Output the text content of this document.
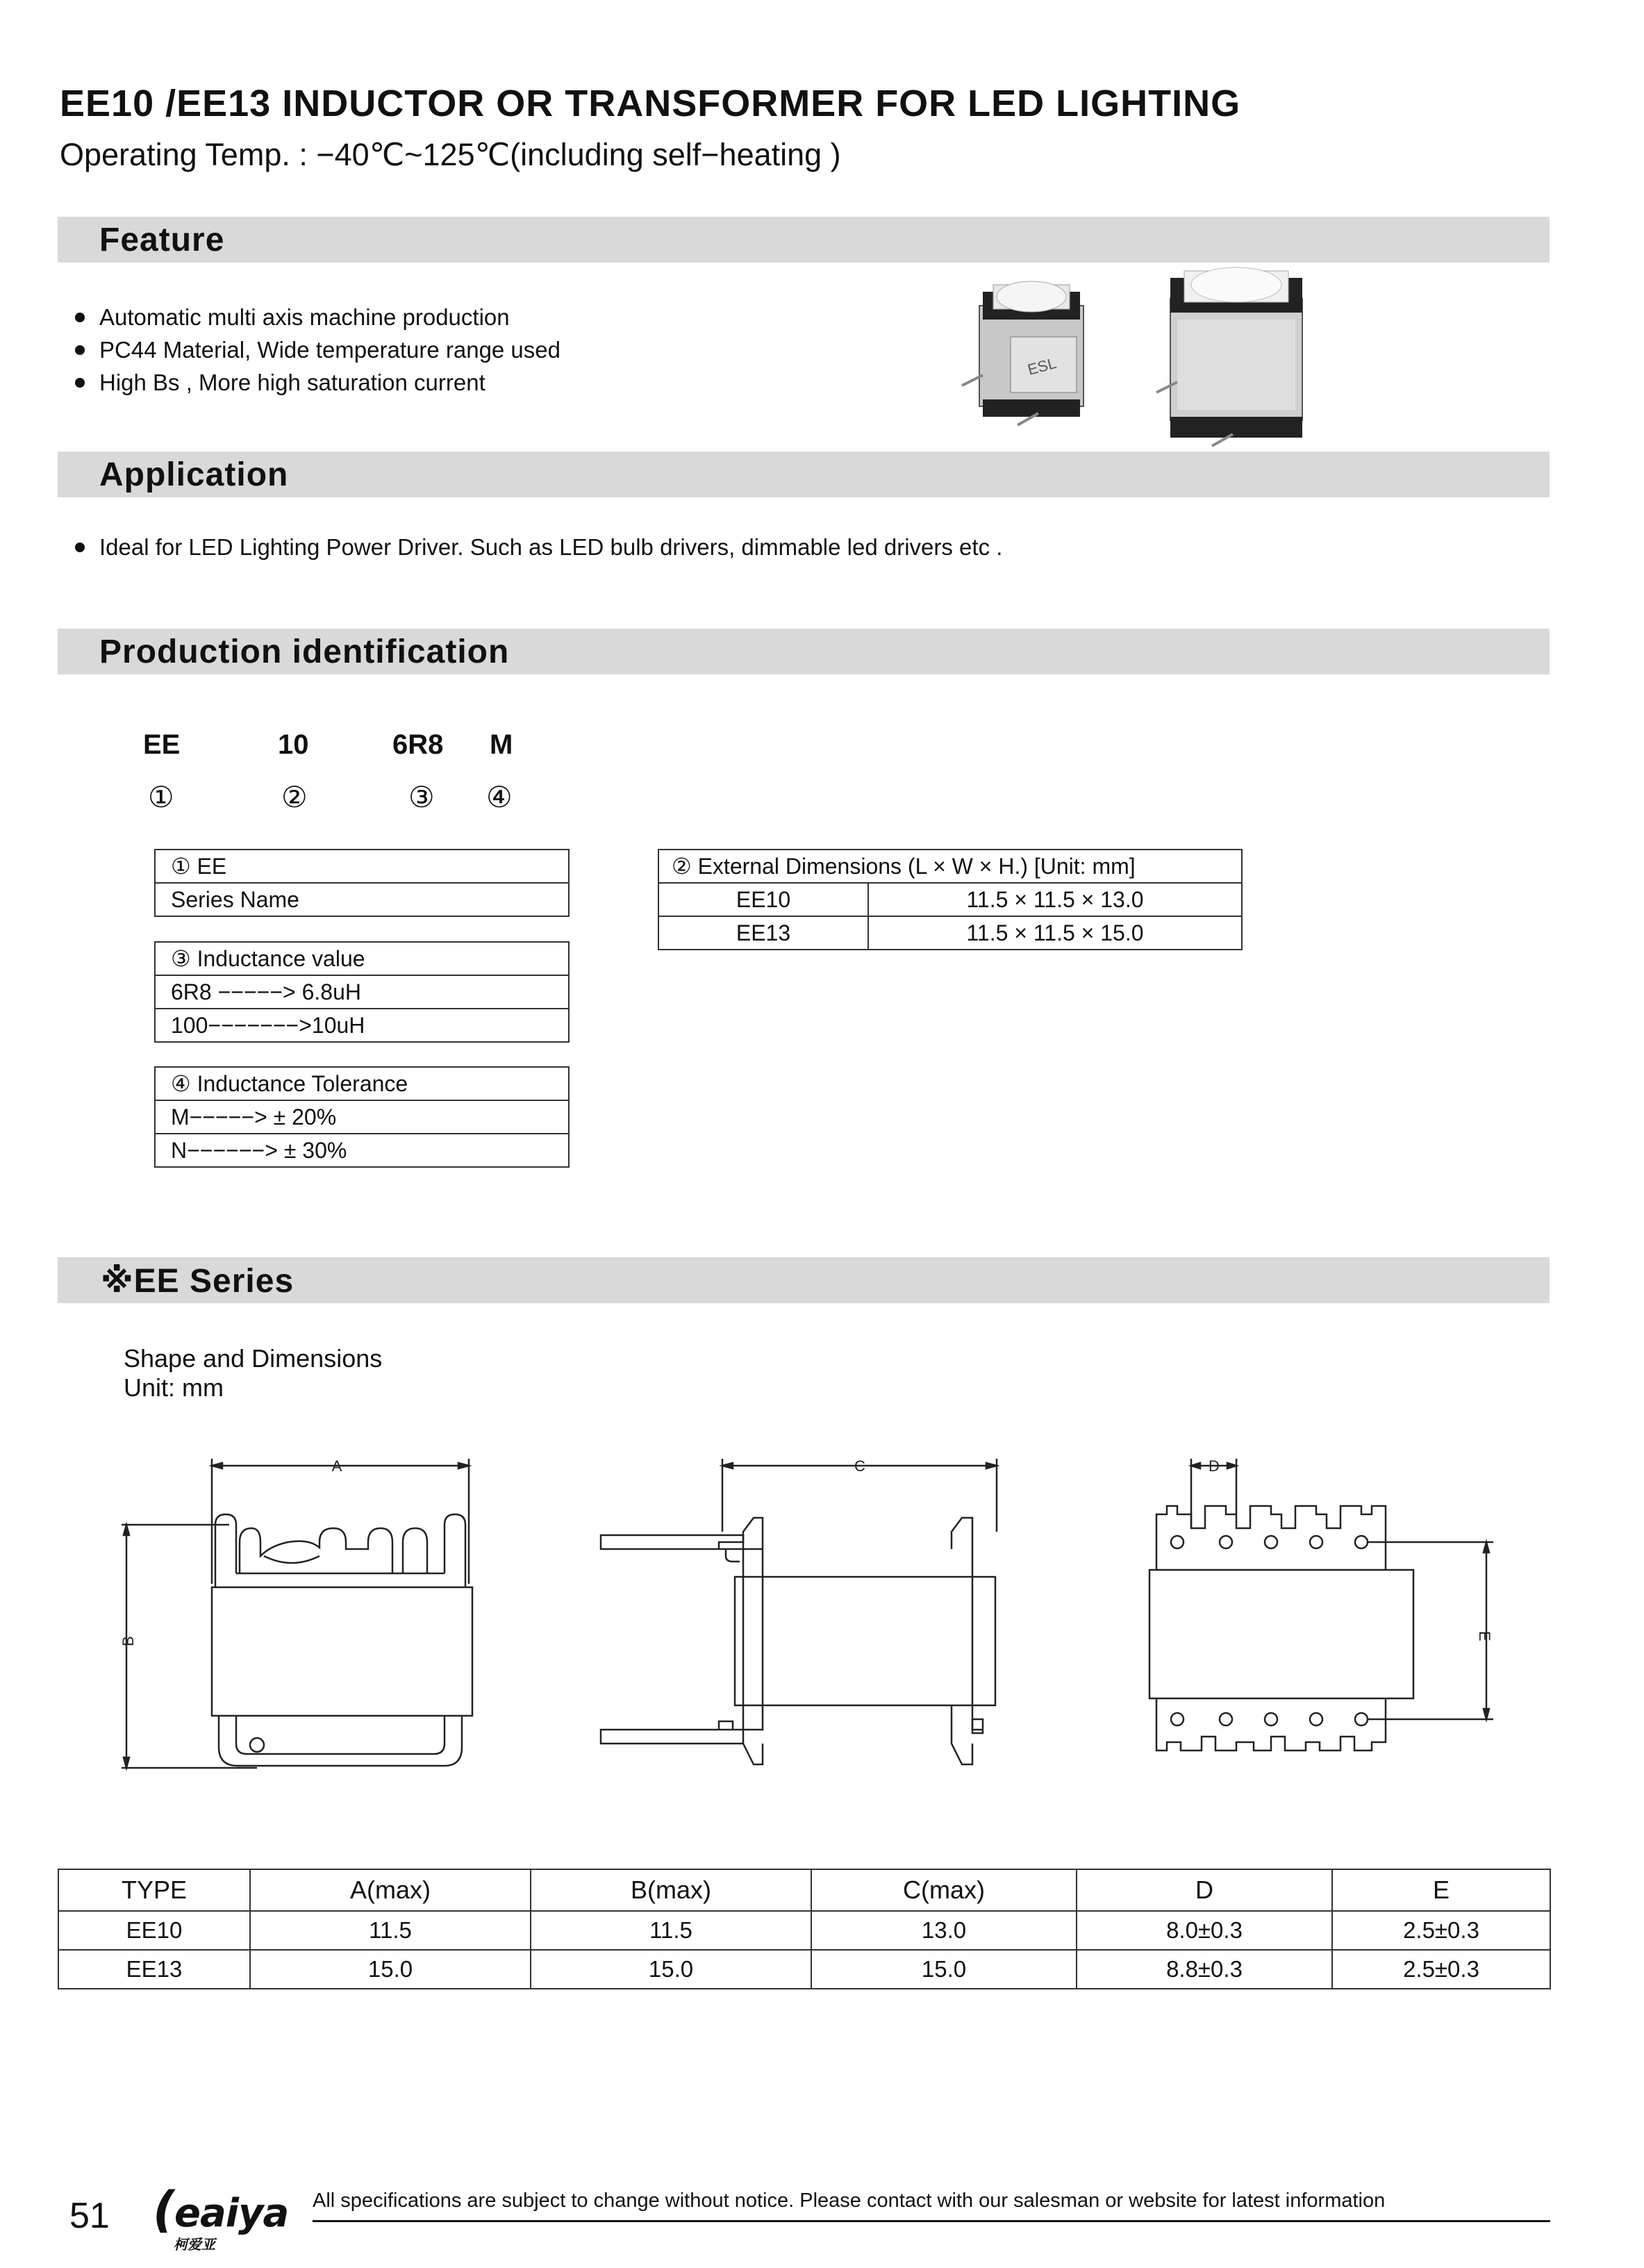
EE10 /EE13 INDUCTOR OR TRANSFORMER FOR LED LIGHTING
Operating Temp. : −40℃~125℃(including self−heating )
Feature
Automatic multi axis machine production
PC44 Material, Wide temperature range used
High Bs , More high saturation current
ESL
Application
Ideal for LED Lighting Power Driver. Such as LED bulb drivers, dimmable led drivers etc .
Production identification
EE	10	6R8 M
①	②	③ ④
① EE
Series Name
③ Inductance value
6R8 −−−−−> 6.8uH
100−−−−−−−>10uH
④ Inductance Tolerance
M−−−−−> ± 20%
N−−−−−−> ± 30%
② External Dimensions (L × W × H.) [Unit: mm]	
EE10	11.5 × 11.5 × 13.0
EE13	11.5 × 11.5 × 15.0
※EE Series
Shape and Dimensions
Unit: mm
A
B
C	D
E
TYPE	A(max)	B(max)	C(max)	D	E
EE10	11.5	11.5	13.0	8.0±0.3	2.5±0.3
EE13	15.0	15.0	15.0	8.8±0.3	2.5±0.3
51 (eaiya
柯爱亚
All specifications are subject to change without notice. Please contact with our salesman or website for latest information
